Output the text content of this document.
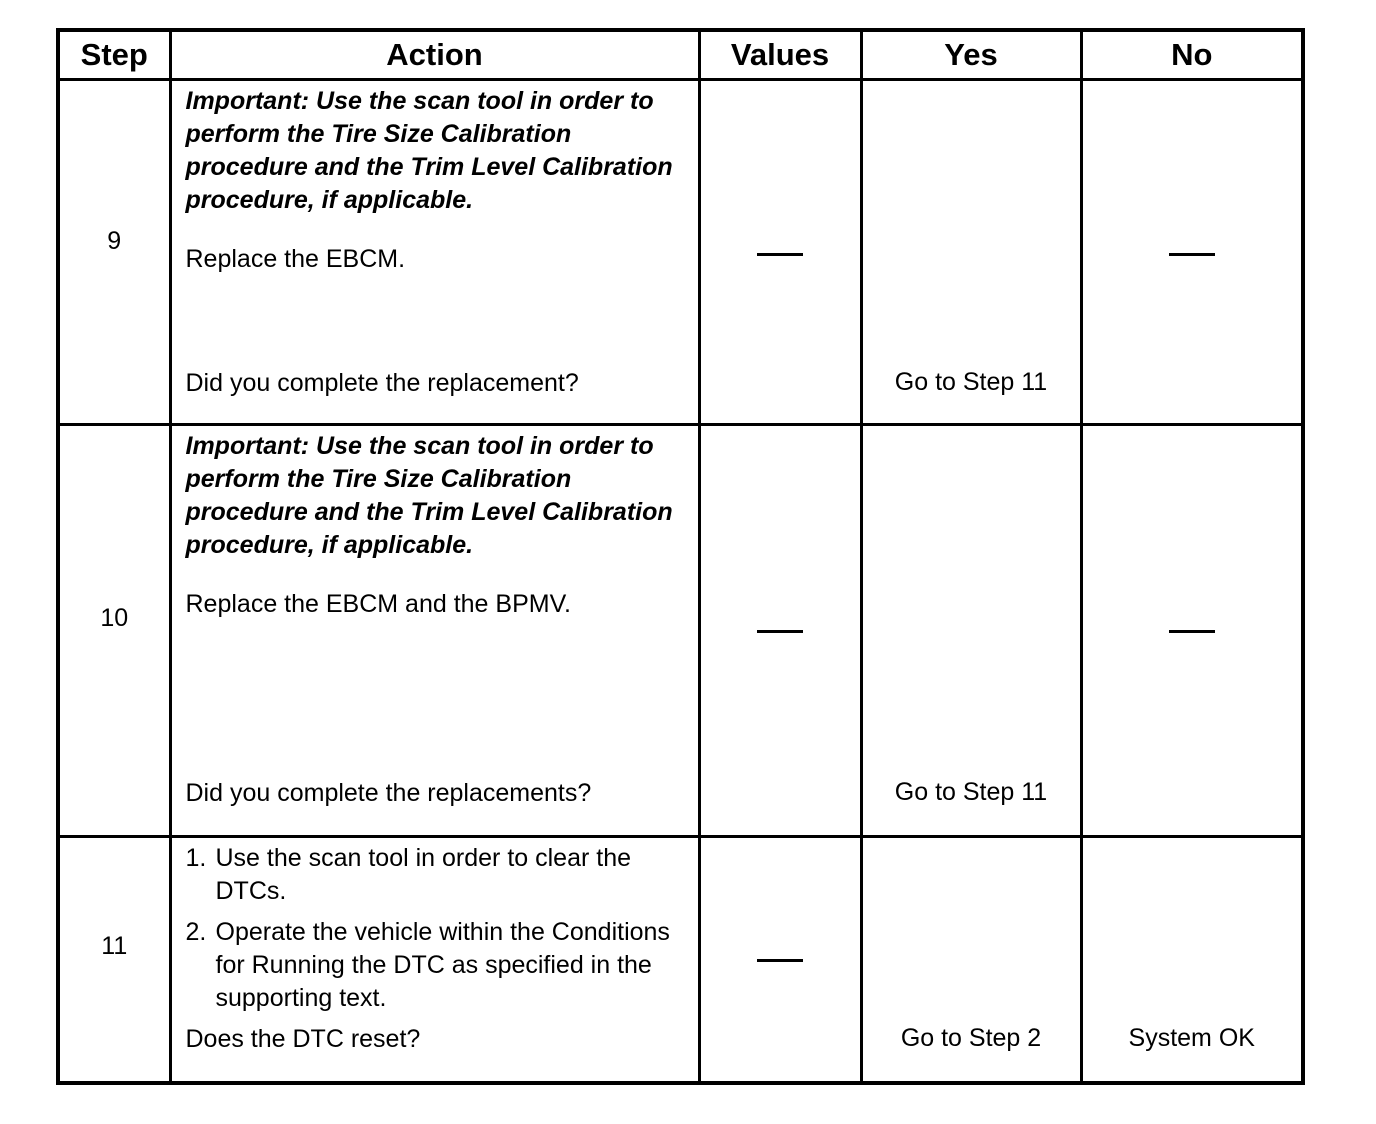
Step	Action	Values	Yes	No

9	Important: Use the scan tool in order to perform the Tire Size Calibration procedure and the Trim Level Calibration procedure, if applicable.
Replace the EBCM.
Did you complete the replacement?		Go to Step 11	

10	Important: Use the scan tool in order to perform the Tire Size Calibration procedure and the Trim Level Calibration procedure, if applicable.
Replace the EBCM and the BPMV.
Did you complete the replacements?		Go to Step 11	

11	1. Use the scan tool in order to clear the DTCs.
2. Operate the vehicle within the Conditions for Running the DTC as specified in the supporting text.
Does the DTC reset?		Go to Step 2	System OK
